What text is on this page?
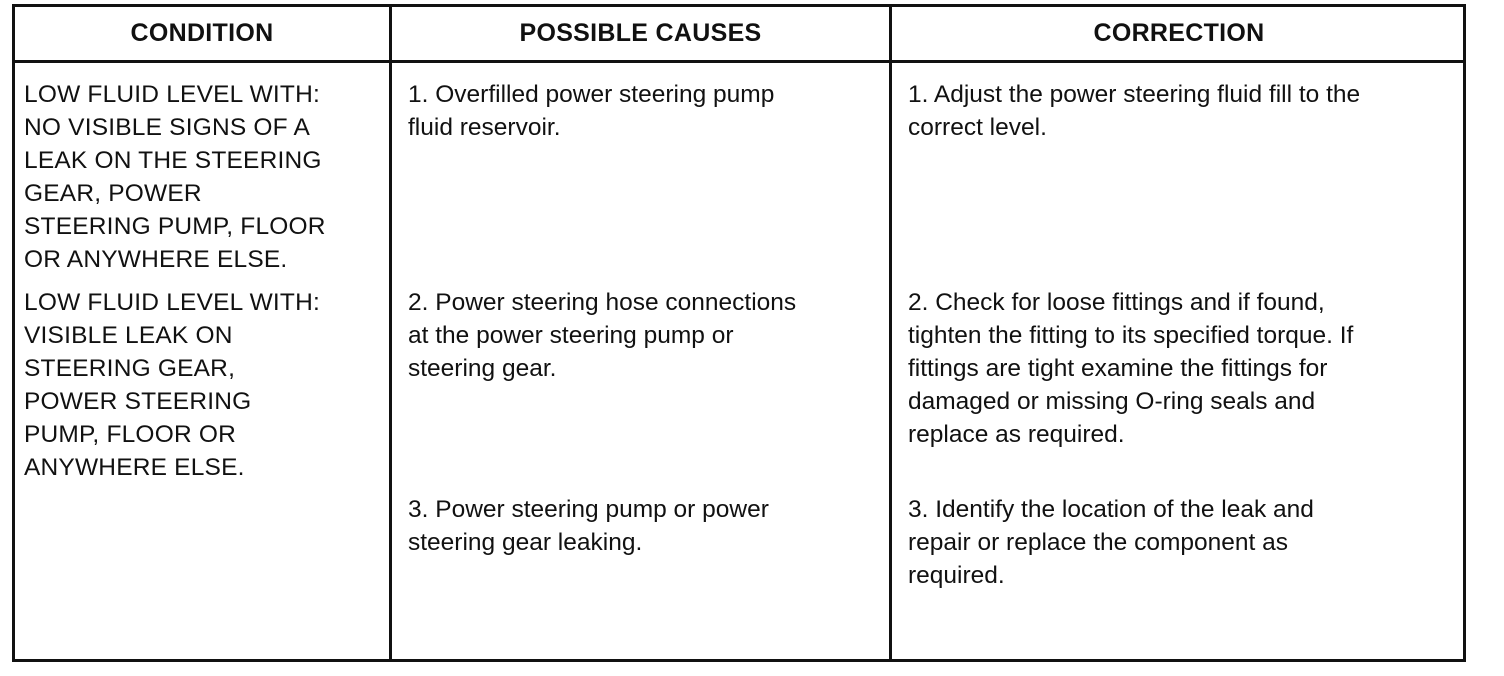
CONDITION	POSSIBLE CAUSES	CORRECTION
LOW FLUID LEVEL WITH:
NO VISIBLE SIGNS OF A
LEAK ON THE STEERING
GEAR, POWER
STEERING PUMP, FLOOR
OR ANYWHERE ELSE.
1. Overfilled power steering pump
fluid reservoir.
1. Adjust the power steering fluid fill to the
correct level.
LOW FLUID LEVEL WITH:
VISIBLE LEAK ON
STEERING GEAR,
POWER STEERING
PUMP, FLOOR OR
ANYWHERE ELSE.
2. Power steering hose connections
at the power steering pump or
steering gear.
2. Check for loose fittings and if found,
tighten the fitting to its specified torque. If
fittings are tight examine the fittings for
damaged or missing O-ring seals and
replace as required.
3. Power steering pump or power
steering gear leaking.
3. Identify the location of the leak and
repair or replace the component as
required.
